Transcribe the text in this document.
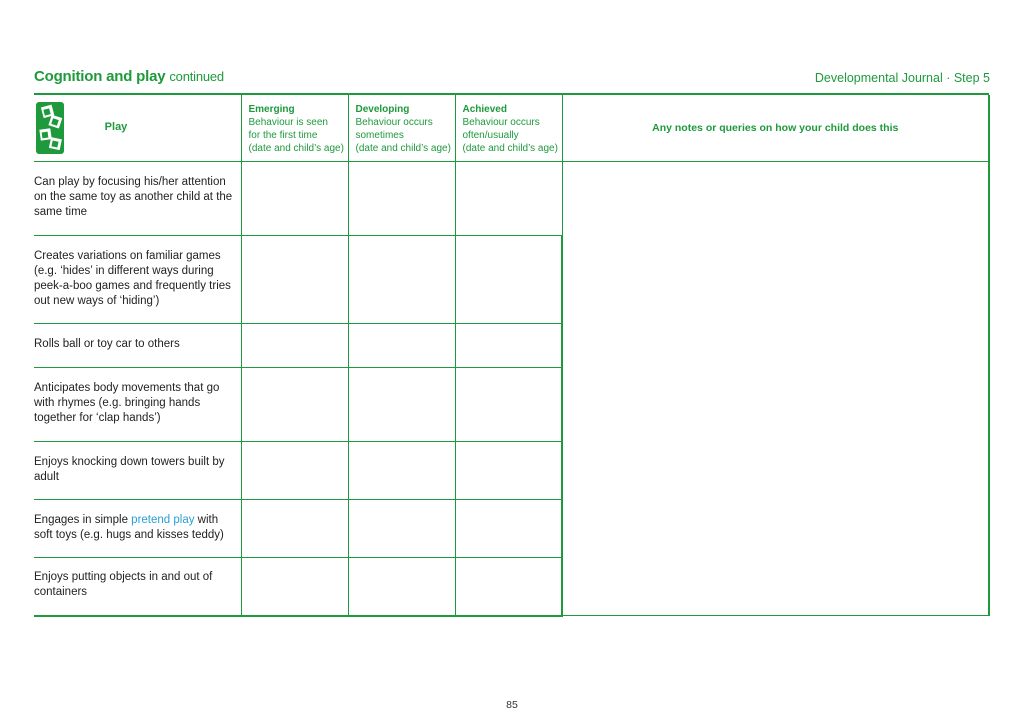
Cognition and play continued	Developmental Journal · Step 5
Play	Emerging
Behaviour is seen
for the first time
(date and child’s age)	Developing
Behaviour occurs
sometimes
(date and child’s age)	Achieved
Behaviour occurs
often/usually
(date and child’s age)	Any notes or queries on how your child does this
Can play by focusing his/her attention on the same toy as another child at the same time				
Creates variations on familiar games (e.g. ‘hides’ in different ways during peek-a-boo games and frequently tries out new ways of ‘hiding’)				
Rolls ball or toy car to others				
Anticipates body movements that go with rhymes (e.g. bringing hands together for ‘clap hands’)				
Enjoys knocking down towers built by adult				
Engages in simple pretend play with soft toys (e.g. hugs and kisses teddy)				
Enjoys putting objects in and out of containers				
85
